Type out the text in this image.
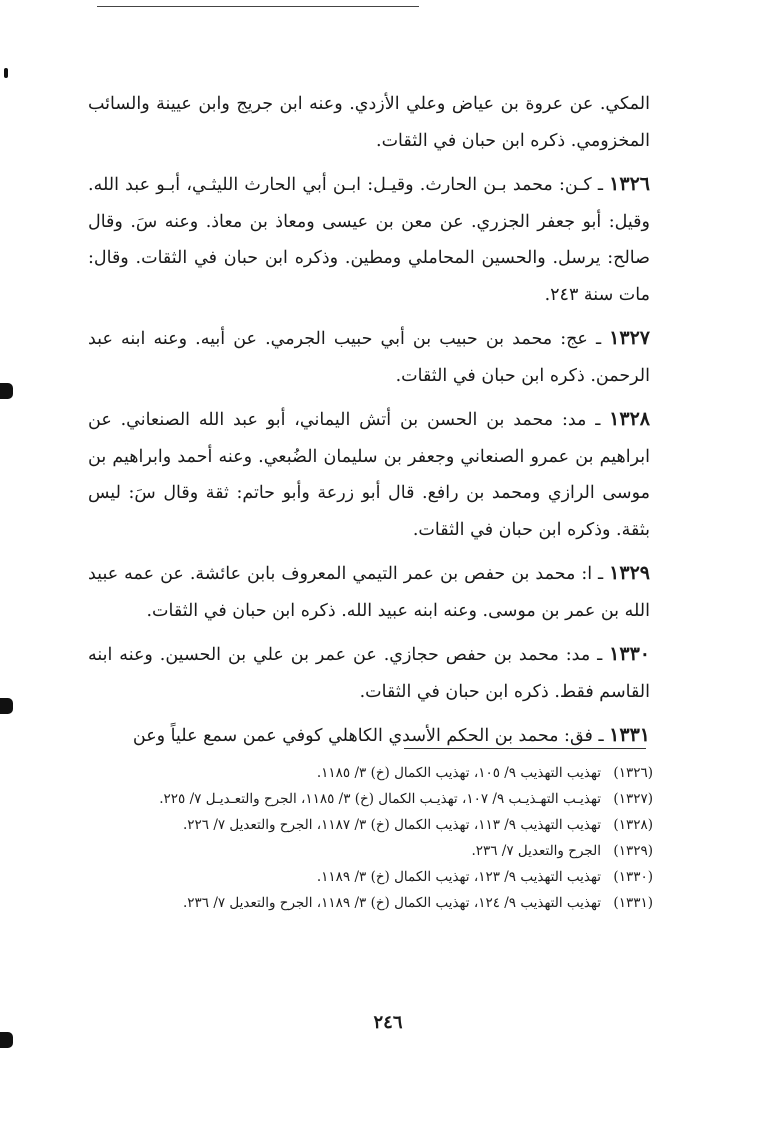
المكي. عن عروة بن عياض وعلي الأزدي. وعنه ابن جريج وابن عيينة والسائب المخزومي. ذكره ابن حبان في الثقات.

١٣٢٦ ـ كـن: محمد بـن الحارث. وقيـل: ابـن أبي الحارث الليثـي، أبـو عبد الله. وقيل: أبو جعفر الجزري. عن معن بن عيسى ومعاذ بن معاذ. وعنه سَ. وقال صالح: يرسل. والحسين المحاملي ومطين. وذكره ابن حبان في الثقات. وقال: مات سنة ٢٤٣.

١٣٢٧ ـ عج: محمد بن حبيب بن أبي حبيب الجرمي. عن أبيه. وعنه ابنه عبد الرحمن. ذكره ابن حبان في الثقات.

١٣٢٨ ـ مد: محمد بن الحسن بن أتش اليماني، أبو عبد الله الصنعاني. عن ابراهيم بن عمرو الصنعاني وجعفر بن سليمان الضُبعي. وعنه أحمد وابراهيم بن موسى الرازي ومحمد بن رافع. قال أبو زرعة وأبو حاتم: ثقة وقال سَ: ليس بثقة. وذكره ابن حبان في الثقات.

١٣٢٩ ـ ا: محمد بن حفص بن عمر التيمي المعروف بابن عائشة. عن عمه عبيد الله بن عمر بن موسى. وعنه ابنه عبيد الله. ذكره ابن حبان في الثقات.

١٣٣٠ ـ مد: محمد بن حفص حجازي. عن عمر بن علي بن الحسين. وعنه ابنه القاسم فقط. ذكره ابن حبان في الثقات.

١٣٣١ ـ فق: محمد بن الحكم الأسدي الكاهلي كوفي عمن سمع علياً وعن

(١٣٢٦)
تهذيب التهذيب ٩/ ١٠٥، تهذيب الكمال (خ) ٣/ ١١٨٥.
(١٣٢٧)
تهذيـب التهـذيـب ٩/ ١٠٧، تهذيـب الكمال (خ) ٣/ ١١٨٥، الجرح والتعـديـل ٧/ ٢٢٥.
(١٣٢٨)
تهذيب التهذيب ٩/ ١١٣، تهذيب الكمال (خ) ٣/ ١١٨٧، الجرح والتعديل ٧/ ٢٢٦.
(١٣٢٩)
الجرح والتعديل ٧/ ٢٣٦.
(١٣٣٠)
تهذيب التهذيب ٩/ ١٢٣، تهذيب الكمال (خ) ٣/ ١١٨٩.
(١٣٣١)
تهذيب التهذيب ٩/ ١٢٤، تهذيب الكمال (خ) ٣/ ١١٨٩، الجرح والتعديل ٧/ ٢٣٦.
٢٤٦
